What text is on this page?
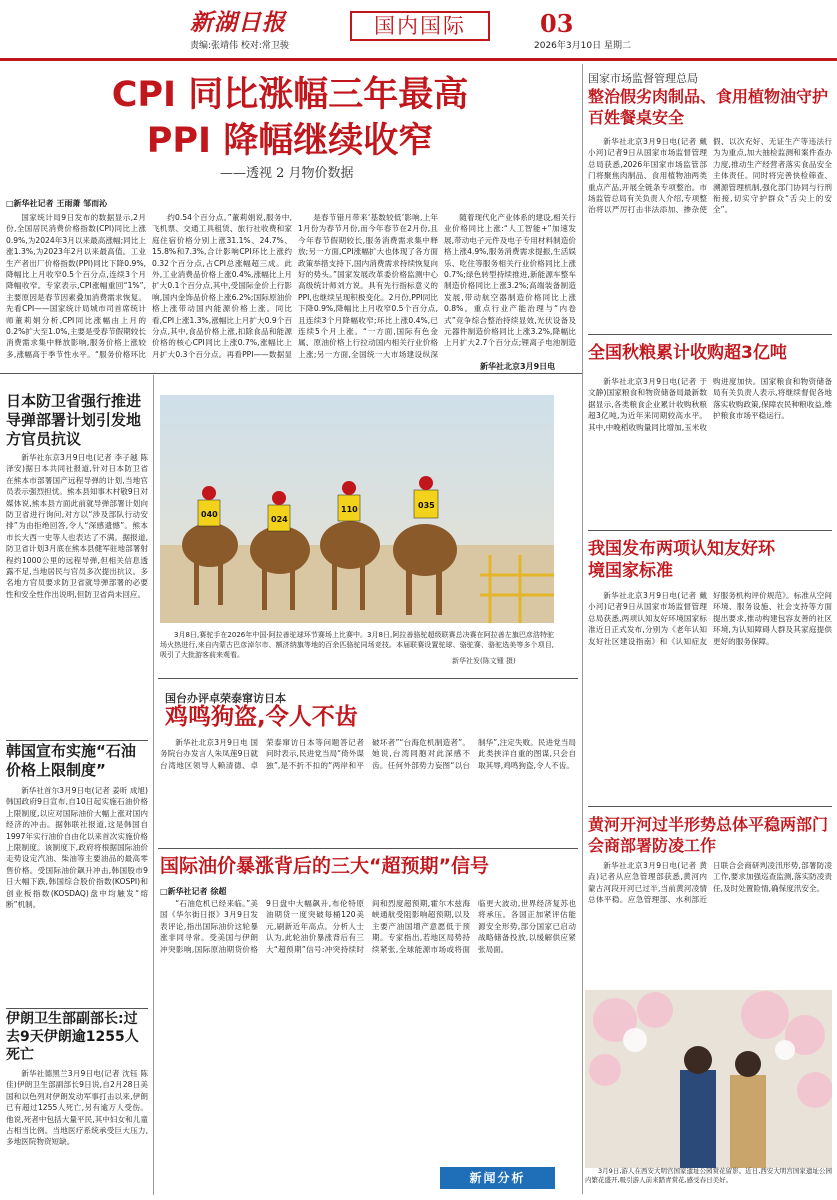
新湖日报
责编:张靖伟 校对:常卫骏
国内国际	03
2026年3月10日 星期二
CPI 同比涨幅三年最高
PPI 降幅继续收窄
——透视 2 月物价数据
□新华社记者 王雨萧 邹而沁

国家统计局9日发布的数据显示,2月份,全国居民消费价格指数(CPI)同比上涨0.9%,为2024年3月以来最高涨幅;同比上涨1.3%,为2023年2月以来最高值。工业生产者出厂价格指数(PPI)同比下降0.9%,降幅比上月收窄0.5个百分点,连续3个月降幅收窄。专家表示,CPI涨幅重回“1%”,主要原因是春节因素叠加消费需求恢复。先看CPI——国家统计局城市司首席统计师董莉娟分析,CPI同比涨幅由上月的0.2%扩大至1.0%,主要是受春节假期较长消费需求集中释放影响,服务价格上涨较多,涨幅高于季节性水平。“服务价格环比

约0.54个百分点。”董莉娟说,服务中,飞机票、交通工具租赁、旅行社收费和家庭住宿价格分别上涨31.1%、24.7%、15.8%和7.3%,合计影响CPI环比上涨约0.32个百分点,占CPI总涨幅超三成。此外,工业消费品价格上涨0.4%,涨幅比上月扩大0.1个百分点,其中,受国际金价上行影响,国内金饰品价格上涨6.2%;国际原油价格上涨带动国内能源价格上涨。同比看,CPI上涨1.3%,涨幅比上月扩大0.9个百分点,其中,食品价格上涨,扣除食品和能源价格的核心CPI同比上涨0.7%,涨幅比上月扩大0.3个百分点。再看PPI——数据显

是春节错月带来‘基数较低’影响,上年1月份为春节月份,而今年春节在2月份,且今年春节假期较长,服务消费需求集中释放;另一方面,CPI涨幅扩大也体现了各方面政策举措支持下,国内消费需求持续恢复向好的势头。”国家发展改革委价格监测中心高级统计师刘方说。具有先行指标意义的PPI,也继续呈现积极变化。2月份,PPI同比下降0.9%,降幅比上月收窄0.5个百分点,且连续3个月降幅收窄;环比上涨0.4%,已连续5个月上涨。“一方面,国际有色金属、原油价格上行拉动国内相关行业价格上涨;另一方面,全国统一大市场建设纵深

随着现代化产业体系的建设,相关行业价格同比上涨:“人工智能+”加速发展,带动电子元件及电子专用材料制造价格上涨4.9%,服务消费需求提振,生活娱乐、吃住等服务相关行业价格同比上涨0.7%;绿色转型持续推进,新能源车整车制造价格同比上涨3.2%;高端装备制造发展,带动航空器制造价格同比上涨0.8%。重点行业产能治理与“内卷式”竞争综合整治持续显效,光伏设备及元器件制造价格同比上涨3.2%,降幅比上月扩大2.7个百分点;锂离子电池制造

新华社北京3月9日电
日本防卫省强行推进导弹部署计划引发地方官员抗议

新华社东京3月9日电(记者 李子越 陈泽安)据日本共同社报道,针对日本防卫省在熊本市部署国产远程导弹的计划,当地官员表示强烈担忧。熊本县知事木村敬9日对媒体说,熊本县方面此前就导弹部署计划向防卫省进行询问,对方以“涉及部队行动安排”为由拒绝回答,令人“深感遗憾”。熊本市长大西一史等人也表达了不满。据报道,防卫省计划3月底在熊本县健军驻地部署射程约1000公里的远程导弹,但相关信息透露不足,当地居民与官员多次提出抗议。多名地方官员要求防卫省就导弹部署的必要性和安全性作出说明,但防卫省尚未回应。

韩国宣布实施“石油价格上限制度”

新华社首尔3月9日电(记者 姜昕 成旭)韩国政府9日宣布,自10日起实施石油价格上限制度,以应对国际油价大幅上涨对国内经济的冲击。据韩联社报道,这是韩国自1997年实行油价自由化以来首次实施价格上限制度。该制度下,政府将根据国际油价走势设定汽油、柴油等主要油品的最高零售价格。受国际油价飙升冲击,韩国股市9日大幅下跌,韩国综合股价指数(KOSPI)和创业板指数(KOSDAQ)盘中均触发“熔断”机制。

伊朗卫生部副部长:过去9天伊朗逾1255人死亡

新华社德黑兰3月9日电(记者 沈钰 陈佳)伊朗卫生部副部长9日说,自2月28日美国和以色列对伊朗发动军事打击以来,伊朗已有超过1255人死亡,另有逾万人受伤。他说,死者中包括大量平民,其中妇女和儿童占相当比例。当地医疗系统承受巨大压力,多地医院物资短缺。

040
024
110	035

3月8日,赛驼手在2026年中国·阿拉善驼球环节赛场上比赛中。3月8日,阿拉善骆驼超级联赛总决赛在阿拉善左旗巴彦浩特驼场火热进行,来自内蒙古巴彦淖尔市、额济纳旗等地的百余匹骆驼同场竞技。本届联赛设置驼球、骆驼赛、骆驼选美等多个项目,吸引了大批游客前来观看。

新华社发(陈文锺 摄)
国台办评卓荣泰窜访日本
鸡鸣狗盗,令人不齿

新华社北京3月9日电 国务院台办发言人朱凤莲9日就台湾地区领导人赖清德、卓荣泰窜访日本等问题答记者问时表示,民进党当局“倚外谋独”,是不折不扣的“两岸和平破坏者”“台海危机制造者”。她说,台湾同胞对此深感不齿。任何外部势力妄图“以台制华”,注定失败。民进党当局此类挟洋自重的图谋,只会自取其辱,鸡鸣狗盗,令人不齿。

国际油价暴涨背后的三大“超预期”信号
□新华社记者 徐超

“石油危机已经来临。”美国《华尔街日报》3月9日发表评论,指出国际油价这轮暴涨非同寻常。受美国与伊朗冲突影响,国际原油期货价格9日盘中大幅飙升,布伦特原油期货一度突破每桶120美元,刷新近年高点。分析人士认为,此轮油价暴涨背后有三大“超预期”信号:冲突持续时间和烈度超预期,霍尔木兹海峡通航受阻影响超预期,以及主要产油国增产意愿低于预期。专家指出,若地区局势持续紧张,全球能源市场或将面临更大波动,世界经济复苏也将承压。各国正加紧评估能源安全形势,部分国家已启动战略储备投放,以缓解供应紧张局面。

新闻分析
国家市场监督管理总局
整治假劣肉制品、食用植物油守护百姓餐桌安全

新华社北京3月9日电(记者 戴小河)记者9日从国家市场监督管理总局获悉,2026年国家市场监管部门将聚焦肉制品、食用植物油两类重点产品,开展全链条专项整治。市场监管总局有关负责人介绍,专项整治将以严厉打击非法添加、掺杂使假、以次充好、无证生产等违法行为为重点,加大抽检监测和案件查办力度,推动生产经营者落实食品安全主体责任。同时将完善快检筛查、溯源管理机制,强化部门协同与行刑衔接,切实守护群众“舌尖上的安全”。

全国秋粮累计收购超3亿吨

新华社北京3月9日电(记者 于文静)国家粮食和物资储备局最新数据显示,各类粮食企业累计收购秋粮超3亿吨,为近年来同期较高水平。其中,中晚稻收购量同比增加,玉米收购进度加快。国家粮食和物资储备局有关负责人表示,将继续督促各地落实收购政策,保障农民种粮收益,维护粮食市场平稳运行。

我国发布两项认知友好环境国家标准

新华社北京3月9日电(记者 戴小河)记者9日从国家市场监督管理总局获悉,两项认知友好环境国家标准近日正式发布,分别为《老年认知友好社区建设指南》和《认知症友好服务机构评价规范》。标准从空间环境、服务设施、社会支持等方面提出要求,推动构建包容友善的社区环境,为认知障碍人群及其家庭提供更好的服务保障。

黄河开河过半形势总体平稳两部门会商部署防凌工作

新华社北京3月9日电(记者 黄垚)记者从应急管理部获悉,黄河内蒙古河段开河已过半,当前黄河凌情总体平稳。应急管理部、水利部近日联合会商研判凌汛形势,部署防凌工作,要求加强巡查监测,落实防凌责任,及时处置险情,确保度汛安全。

3月9日,游人在西安大明宫国家遗址公园赏花留影。近日,西安大明宫国家遗址公园内繁花盛开,吸引游人前来踏青赏花,感受春日美好。
